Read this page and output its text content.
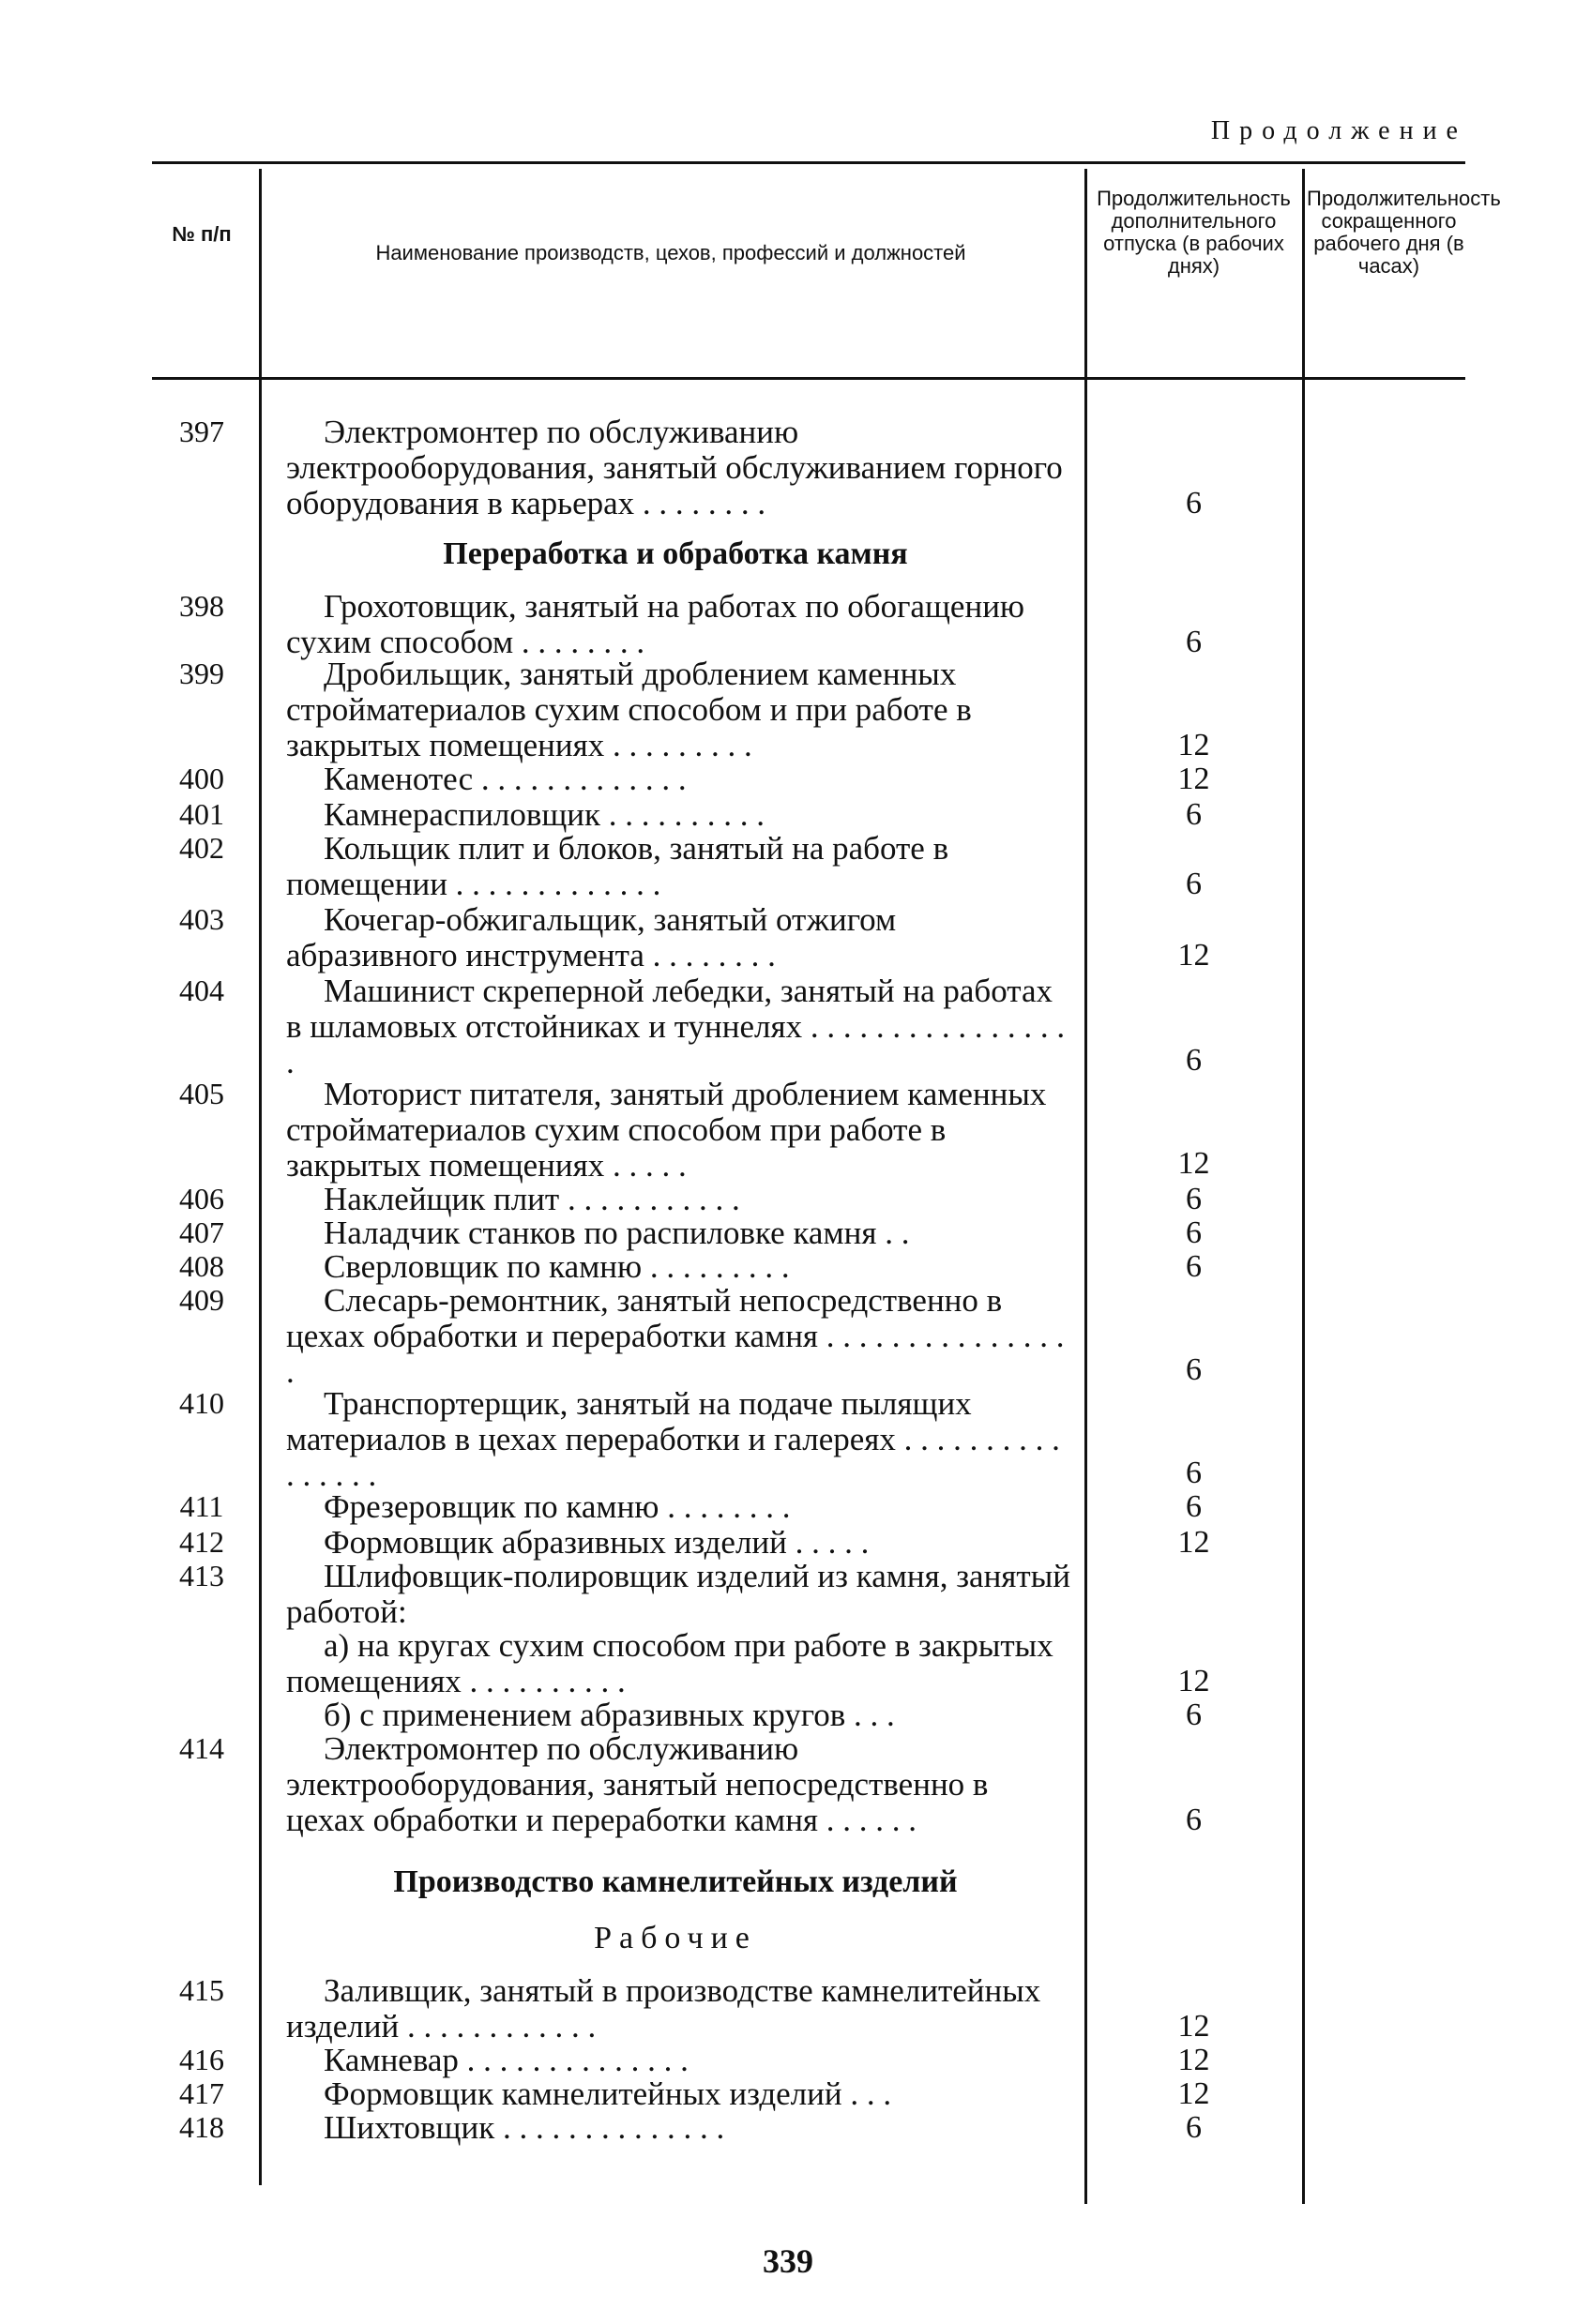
Продолжение
№ п/п
Наименование производств, цехов, профессий и должностей
Продолжительность дополнительного отпуска (в рабочих днях)
Продолжительность сокращенного рабочего дня (в часах)
Переработка и обработка камня
Производство камнелитейных изделий
Рабочие
397	Электромонтер по обслуживанию электрооборудования, занятый обслуживанием горного оборудования в карьерах . . . . . . . .	6
398	Грохотовщик, занятый на работах по обогащению сухим способом . . . . . . . .	6
399	Дробильщик, занятый дроблением каменных стройматериалов сухим способом и при работе в закрытых помещениях . . . . . . . . .	12
400	Каменотес . . . . . . . . . . . . .	12
401	Камнераспиловщик . . . . . . . . . .	6
402	Кольщик плит и блоков, занятый на работе в помещении . . . . . . . . . . . . .	6
403	Кочегар-обжигальщик, занятый отжигом абразивного инструмента . . . . . . . .	12
404	Машинист скреперной лебедки, занятый на работах в шламовых отстойниках и туннелях . . . . . . . . . . . . . . . . .	6
405	Моторист питателя, занятый дроблением каменных стройматериалов сухим способом при работе в закрытых помещениях . . . . .	12
406	Наклейщик плит . . . . . . . . . . .	6
407	Наладчик станков по распиловке камня . .	6
408	Сверловщик по камню . . . . . . . . .	6
409	Слесарь-ремонтник, занятый непосредственно в цехах обработки и переработки камня . . . . . . . . . . . . . . . .	6
410	Транспортерщик, занятый на подаче пылящих материалов в цехах переработки и галереях . . . . . . . . . . . . . . . .	6
411	Фрезеровщик по камню . . . . . . . .	6
412	Формовщик абразивных изделий . . . . .	12
413	Шлифовщик-полировщик изделий из камня, занятый работой:
а) на кругах сухим способом при работе в закрытых помещениях . . . . . . . . . .	12
б) с применением абразивных кругов . . .	6
414	Электромонтер по обслуживанию электрооборудования, занятый непосредственно в цехах обработки и переработки камня . . . . . .	6
415	Заливщик, занятый в производстве камнелитейных изделий . . . . . . . . . . . .	12
416	Камневар . . . . . . . . . . . . . .	12
417	Формовщик камнелитейных изделий . . .	12
418	Шихтовщик . . . . . . . . . . . . . .	6
339
